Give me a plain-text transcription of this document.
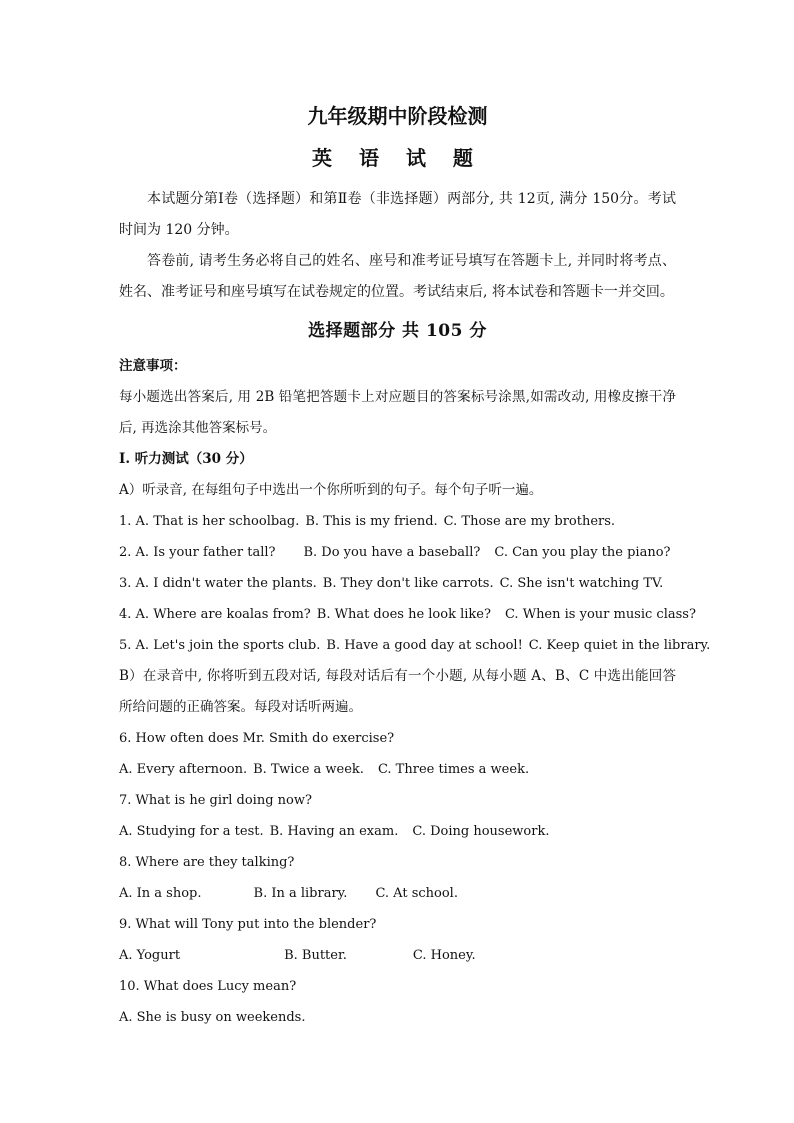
九年级期中阶段检测
英 语 试 题

本试题分第Ⅰ卷（选择题）和第Ⅱ卷（非选择题）两部分, 共 12页, 满分 150分。考试时间为 120 分钟。

答卷前, 请考生务必将自己的姓名、座号和准考证号填写在答题卡上, 并同时将考点、姓名、准考证号和座号填写在试卷规定的位置。考试结束后, 将本试卷和答题卡一并交回。

选择题部分 共 105 分
注意事项：

每小题选出答案后, 用 2B 铅笔把答题卡上对应题目的答案标号涂黑,如需改动, 用橡皮擦干净后, 再选涂其他答案标号。

I. 听力测试（30 分）

A）听录音, 在每组句子中选出一个你所听到的句子。每个句子听一遍。

1. A. That is her schoolbag. B. This is my friend. C. Those are my brothers.
2. A. Is your father tall? B. Do you have a baseball? C. Can you play the piano?
3. A. I didn't water the plants. B. They don't like carrots. C. She isn't watching TV.
4. A. Where are koalas from? B. What does he look like? C. When is your music class?
5. A. Let's join the sports club. B. Have a good day at school! C. Keep quiet in the library.

B）在录音中, 你将听到五段对话, 每段对话后有一个小题, 从每小题 A、B、C 中选出能回答所给问题的正确答案。每段对话听两遍。

6. How often does Mr. Smith do exercise?
A. Every afternoon. B. Twice a week. C. Three times a week.
7. What is he girl doing now?
A. Studying for a test. B. Having an exam. C. Doing housework.
8. Where are they talking?
A. In a shop.	B. In a library. C. At school.
9. What will Tony put into the blender?
A. Yogurt	B. Butter.	C. Honey.
10. What does Lucy mean?
A. She is busy on weekends.
